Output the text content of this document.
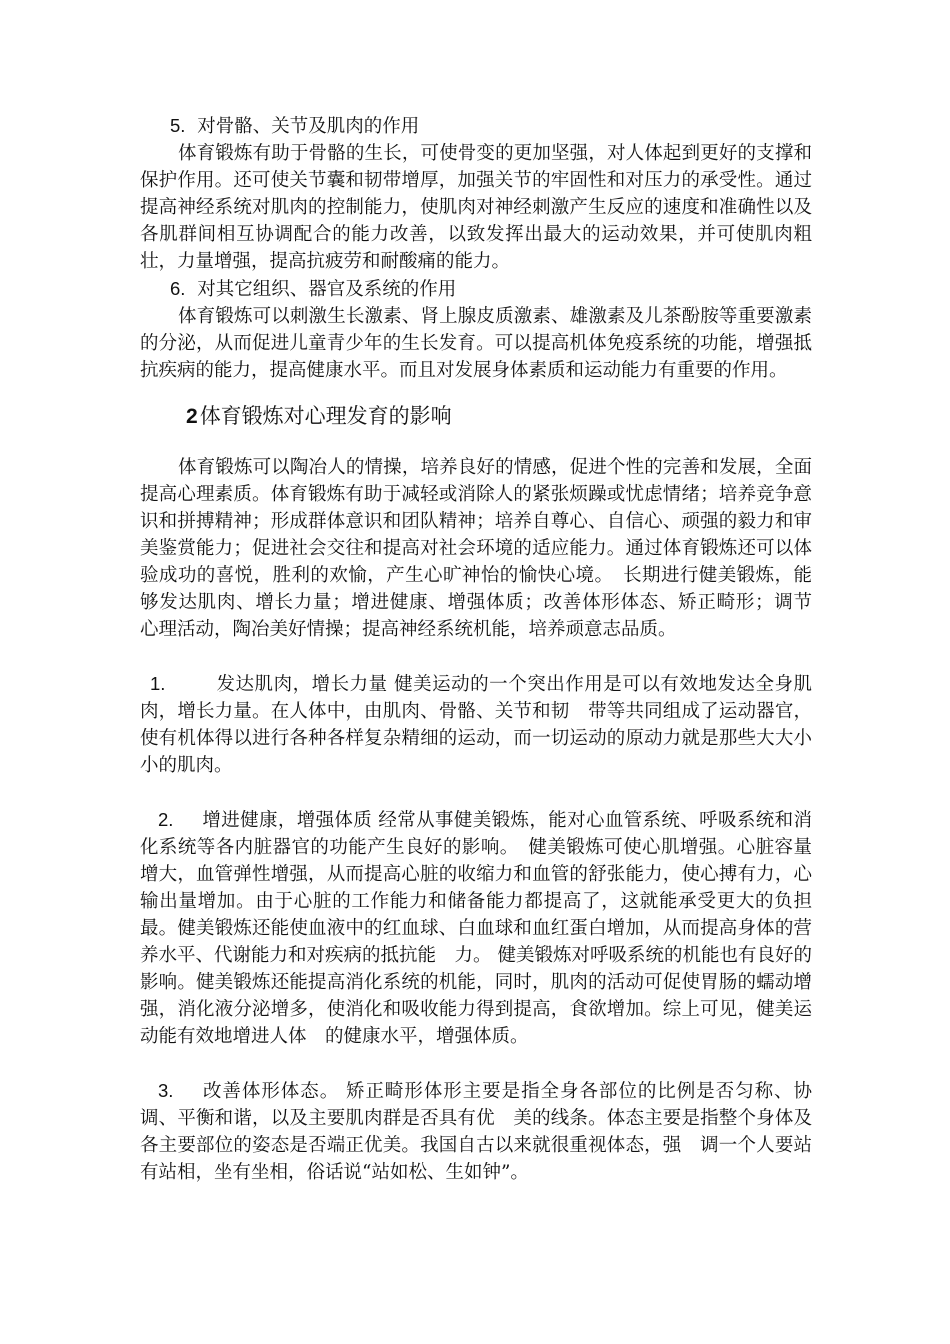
5. 对骨骼、关节及肌肉的作用

体育锻炼有助于骨骼的生长，可使骨变的更加坚强，对人体起到更好的支撑和保护作用。还可使关节囊和韧带增厚，加强关节的牢固性和对压力的承受性。通过提高神经系统对肌肉的控制能力，使肌肉对神经刺激产生反应的速度和准确性以及各肌群间相互协调配合的能力改善，以致发挥出最大的运动效果，并可使肌肉粗壮，力量增强，提高抗疲劳和耐酸痛的能力。

6. 对其它组织、器官及系统的作用

体育锻炼可以刺激生长激素、肾上腺皮质激素、雄激素及儿茶酚胺等重要激素的分泌，从而促进儿童青少年的生长发育。可以提高机体免疫系统的功能，增强抵抗疾病的能力，提高健康水平。而且对发展身体素质和运动能力有重要的作用。

2体育锻炼对心理发育的影响

体育锻炼可以陶冶人的情操，培养良好的情感，促进个性的完善和发展，全面提高心理素质。体育锻炼有助于减轻或消除人的紧张烦躁或忧虑情绪；培养竞争意识和拼搏精神；形成群体意识和团队精神；培养自尊心、自信心、顽强的毅力和审美鉴赏能力；促进社会交往和提高对社会环境的适应能力。通过体育锻炼还可以体验成功的喜悦，胜利的欢愉，产生心旷神怡的愉快心境。　长期进行健美锻炼，能够发达肌肉、增长力量；增进健康、增强体质；改善体形体态、矫正畸形；调节　心理活动，陶冶美好情操；提高神经系统机能，培养顽意志品质。

1.	发达肌肉，增长力量 健美运动的一个突出作用是可以有效地发达全身肌肉，增长力量。在人体中，由肌肉、骨骼、关节和韧　带等共同组成了运动器官，使有机体得以进行各种各样复杂精细的运动，而一切运动的原动力就是那些大大小小的肌肉。

2. 增进健康，增强体质 经常从事健美锻炼，能对心血管系统、呼吸系统和消化系统等各内脏器官的功能产生良好的影响。　健美锻炼可使心肌增强。心脏容量增大，血管弹性增强，从而提高心脏的收缩力和血管的舒张能力，使心搏有力，心输出量增加。由于心脏的工作能力和储备能力都提高了，这就能承受更大的负担最。健美锻炼还能使血液中的红血球、白血球和血红蛋白增加，从而提高身体的营养水平、代谢能力和对疾病的抵抗能　力。 健美锻炼对呼吸系统的机能也有良好的影响。健美锻炼还能提高消化系统的机能，同时，肌肉的活动可促使胃肠的蠕动增强，消化液分泌增多，使消化和吸收能力得到提高，食欲增加。综上可见，健美运动能有效地增进人体　的健康水平，增强体质。

3. 改善体形体态。 矫正畸形体形主要是指全身各部位的比例是否匀称、协调、平衡和谐，以及主要肌肉群是否具有优　美的线条。体态主要是指整个身体及各主要部位的姿态是否端正优美。我国自古以来就很重视体态，强　调一个人要站有站相，坐有坐相，俗话说“站如松、生如钟”。
